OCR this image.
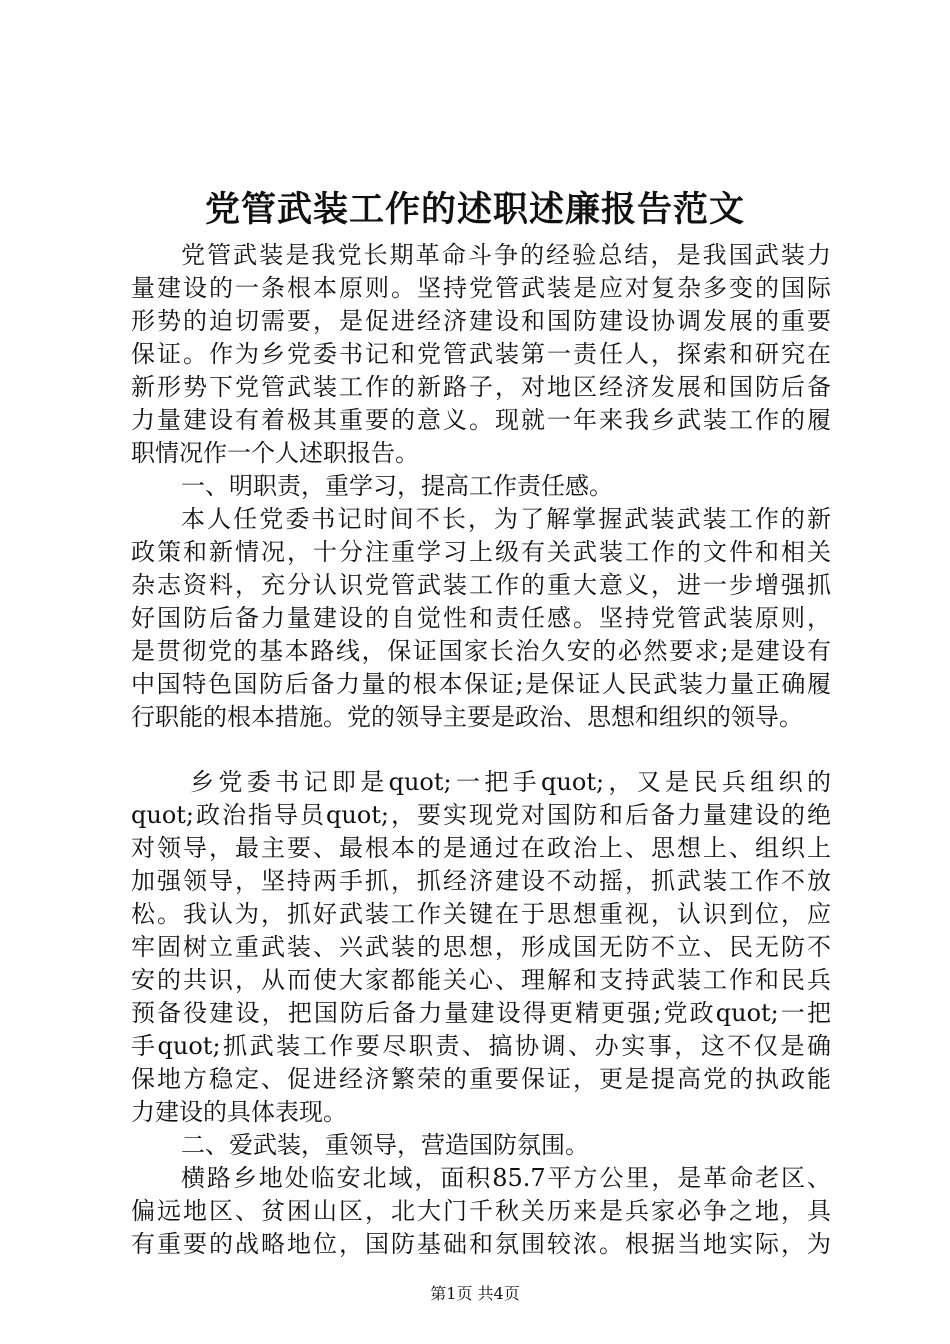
党管武装工作的述职述廉报告范文

党管武装是我党长期革命斗争的经验总结，是我国武装力

量建设的一条根本原则。坚持党管武装是应对复杂多变的国际

形势的迫切需要，是促进经济建设和国防建设协调发展的重要

保证。作为乡党委书记和党管武装第一责任人，探索和研究在

新形势下党管武装工作的新路子，对地区经济发展和国防后备

力量建设有着极其重要的意义。现就一年来我乡武装工作的履

职情况作一个人述职报告。

一、明职责，重学习，提高工作责任感。

本人任党委书记时间不长，为了解掌握武装武装工作的新

政策和新情况，十分注重学习上级有关武装工作的文件和相关

杂志资料，充分认识党管武装工作的重大意义，进一步增强抓

好国防后备力量建设的自觉性和责任感。坚持党管武装原则，

是贯彻党的基本路线，保证国家长治久安的必然要求;是建设有

中国特色国防后备力量的根本保证;是保证人民武装力量正确履

行职能的根本措施。党的领导主要是政治、思想和组织的领导。

乡党委书记即是quot;一把手quot;，又是民兵组织的

quot;政治指导员quot;，要实现党对国防和后备力量建设的绝

对领导，最主要、最根本的是通过在政治上、思想上、组织上

加强领导，坚持两手抓，抓经济建设不动摇，抓武装工作不放

松。我认为，抓好武装工作关键在于思想重视，认识到位，应

牢固树立重武装、兴武装的思想，形成国无防不立、民无防不

安的共识，从而使大家都能关心、理解和支持武装工作和民兵

预备役建设，把国防后备力量建设得更精更强;党政quot;一把

手quot;抓武装工作要尽职责、搞协调、办实事，这不仅是确

保地方稳定、促进经济繁荣的重要保证，更是提高党的执政能

力建设的具体表现。

二、爱武装，重领导，营造国防氛围。

横路乡地处临安北域，面积85.7平方公里，是革命老区、

偏远地区、贫困山区，北大门千秋关历来是兵家必争之地，具

有重要的战略地位，国防基础和氛围较浓。根据当地实际，为

第1页 共4页
